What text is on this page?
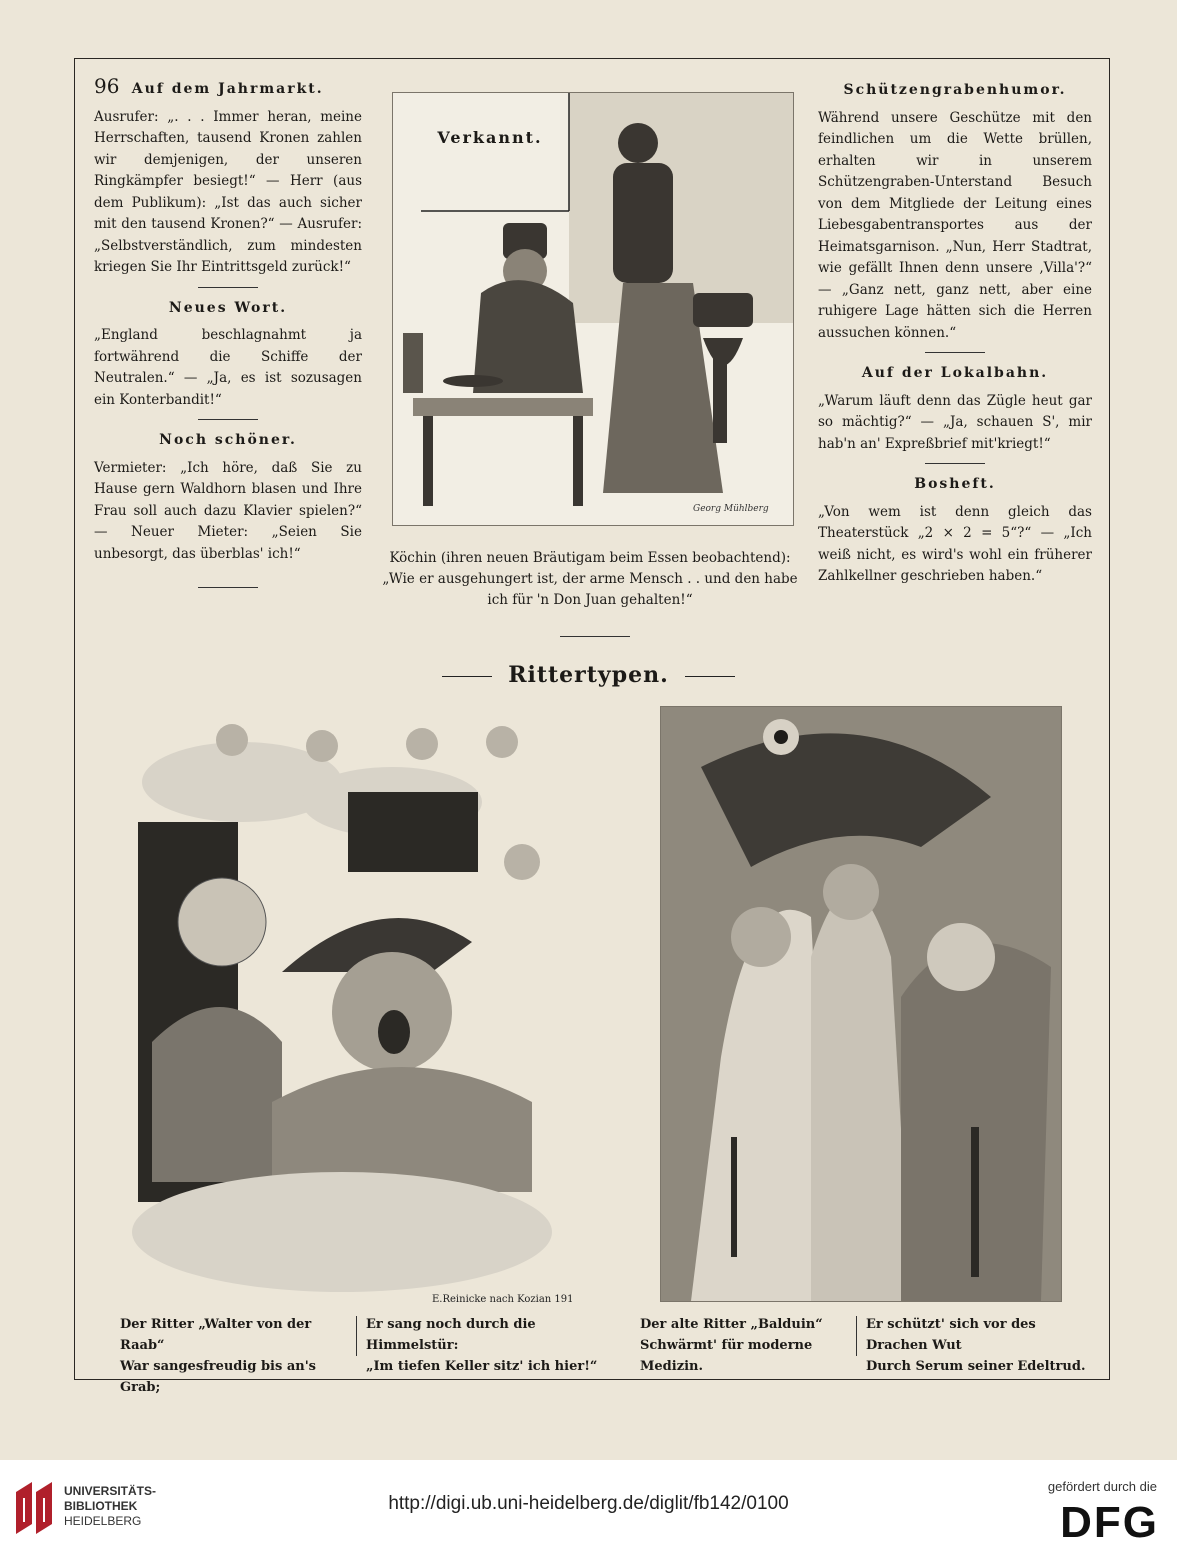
96 Auf dem Jahrmarkt.

Ausrufer: „. . . Immer heran, meine Herrschaften, tausend Kronen zahlen wir demjenigen, der unseren Ringkämpfer besiegt!“ — Herr (aus dem Publikum): „Ist das auch sicher mit den tausend Kronen?“ — Ausrufer: „Selbstverständlich, zum mindesten kriegen Sie Ihr Eintrittsgeld zurück!“

Neues Wort.

„England beschlagnahmt ja fortwährend die Schiffe der Neutralen.“ — „Ja, es ist sozusagen ein Konterbandit!“

Noch schöner.

Vermieter: „Ich höre, daß Sie zu Hause gern Waldhorn blasen und Ihre Frau soll auch dazu Klavier spielen?“ — Neuer Mieter: „Seien Sie unbesorgt, das überblas' ich!“

Georg Mühlberg
Verkannt.
Köchin (ihren neuen Bräutigam beim Essen beobachtend): „Wie er ausgehungert ist, der arme Mensch . . und den habe ich für 'n Don Juan gehalten!“
Schützengrabenhumor.

Während unsere Geschütze mit den feindlichen um die Wette brüllen, erhalten wir in unserem Schützengraben-Unterstand Besuch von dem Mitgliede der Leitung eines Liebesgabentransportes aus der Heimatsgarnison. „Nun, Herr Stadtrat, wie gefällt Ihnen denn unsere ,Villa'?“ — „Ganz nett, ganz nett, aber eine ruhigere Lage hätten sich die Herren aussuchen können.“

Auf der Lokalbahn.

„Warum läuft denn das Zügle heut gar so mächtig?“ — „Ja, schauen S', mir hab'n an' Expreßbrief mit'kriegt!“

Bosheft.

„Von wem ist denn gleich das Theaterstück „2 × 2 = 5“?“ — „Ich weiß nicht, es wird's wohl ein früherer Zahlkellner geschrieben haben.“

Rittertypen.
E.Reinicke nach Kozian 1915.
Der Ritter „Walter von der Raab“
War sangesfreudig bis an's Grab;
Er sang noch durch die Himmelstür:
„Im tiefen Keller sitz' ich hier!“
Der alte Ritter „Balduin“
Schwärmt' für moderne Medizin.
Er schützt' sich vor des Drachen Wut
Durch Serum seiner Edeltrud.
UNIVERSITÄTS-
BIBLIOTHEK
HEIDELBERG
http://digi.ub.uni-heidelberg.de/diglit/fb142/0100
gefördert durch die
DFG
